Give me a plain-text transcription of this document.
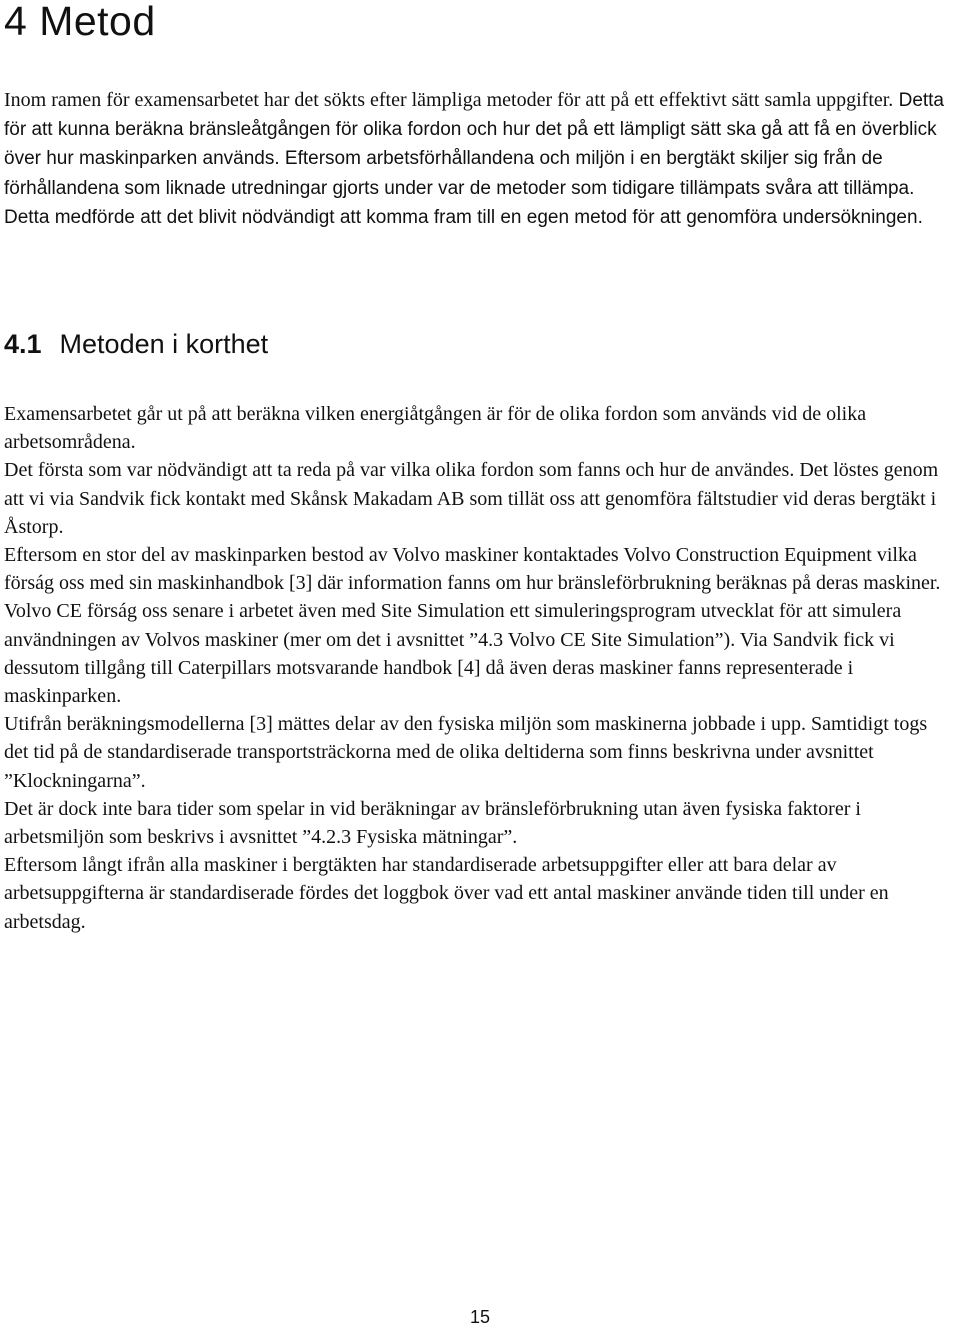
4 Metod

Inom ramen för examensarbetet har det sökts efter lämpliga metoder för att på ett effektivt sätt samla uppgifter. Detta för att kunna beräkna bränsleåtgången för olika fordon och hur det på ett lämpligt sätt ska gå att få en överblick över hur maskinparken används. Eftersom arbetsförhållandena och miljön i en bergtäkt skiljer sig från de förhållandena som liknade utredningar gjorts under var de metoder som tidigare tillämpats svåra att tillämpa. Detta medförde att det blivit nödvändigt att komma fram till en egen metod för att genomföra undersökningen.

4.1 Metoden i korthet

Examensarbetet går ut på att beräkna vilken energiåtgången är för de olika fordon som används vid de olika arbetsområdena.

Det första som var nödvändigt att ta reda på var vilka olika fordon som fanns och hur de användes. Det löstes genom att vi via Sandvik fick kontakt med Skånsk Makadam AB som tillät oss att genomföra fältstudier vid deras bergtäkt i Åstorp.

Eftersom en stor del av maskinparken bestod av Volvo maskiner kontaktades Volvo Construction Equipment vilka förság oss med sin maskinhandbok [3] där information fanns om hur bränsleförbrukning beräknas på deras maskiner. Volvo CE förság oss senare i arbetet även med Site Simulation ett simuleringsprogram utvecklat för att simulera användningen av Volvos maskiner (mer om det i avsnittet ”4.3 Volvo CE Site Simulation”). Via Sandvik fick vi dessutom tillgång till Caterpillars motsvarande handbok [4] då även deras maskiner fanns representerade i maskinparken.

Utifrån beräkningsmodellerna [3] mättes delar av den fysiska miljön som maskinerna jobbade i upp. Samtidigt togs det tid på de standardiserade transportsträckorna med de olika deltiderna som finns beskrivna under avsnittet ”Klockningarna”.

Det är dock inte bara tider som spelar in vid beräkningar av bränsleförbrukning utan även fysiska faktorer i arbetsmiljön som beskrivs i avsnittet ”4.2.3 Fysiska mätningar”.

Eftersom långt ifrån alla maskiner i bergtäkten har standardiserade arbetsuppgifter eller att bara delar av arbetsuppgifterna är standardiserade fördes det loggbok över vad ett antal maskiner använde tiden till under en arbetsdag.

15
